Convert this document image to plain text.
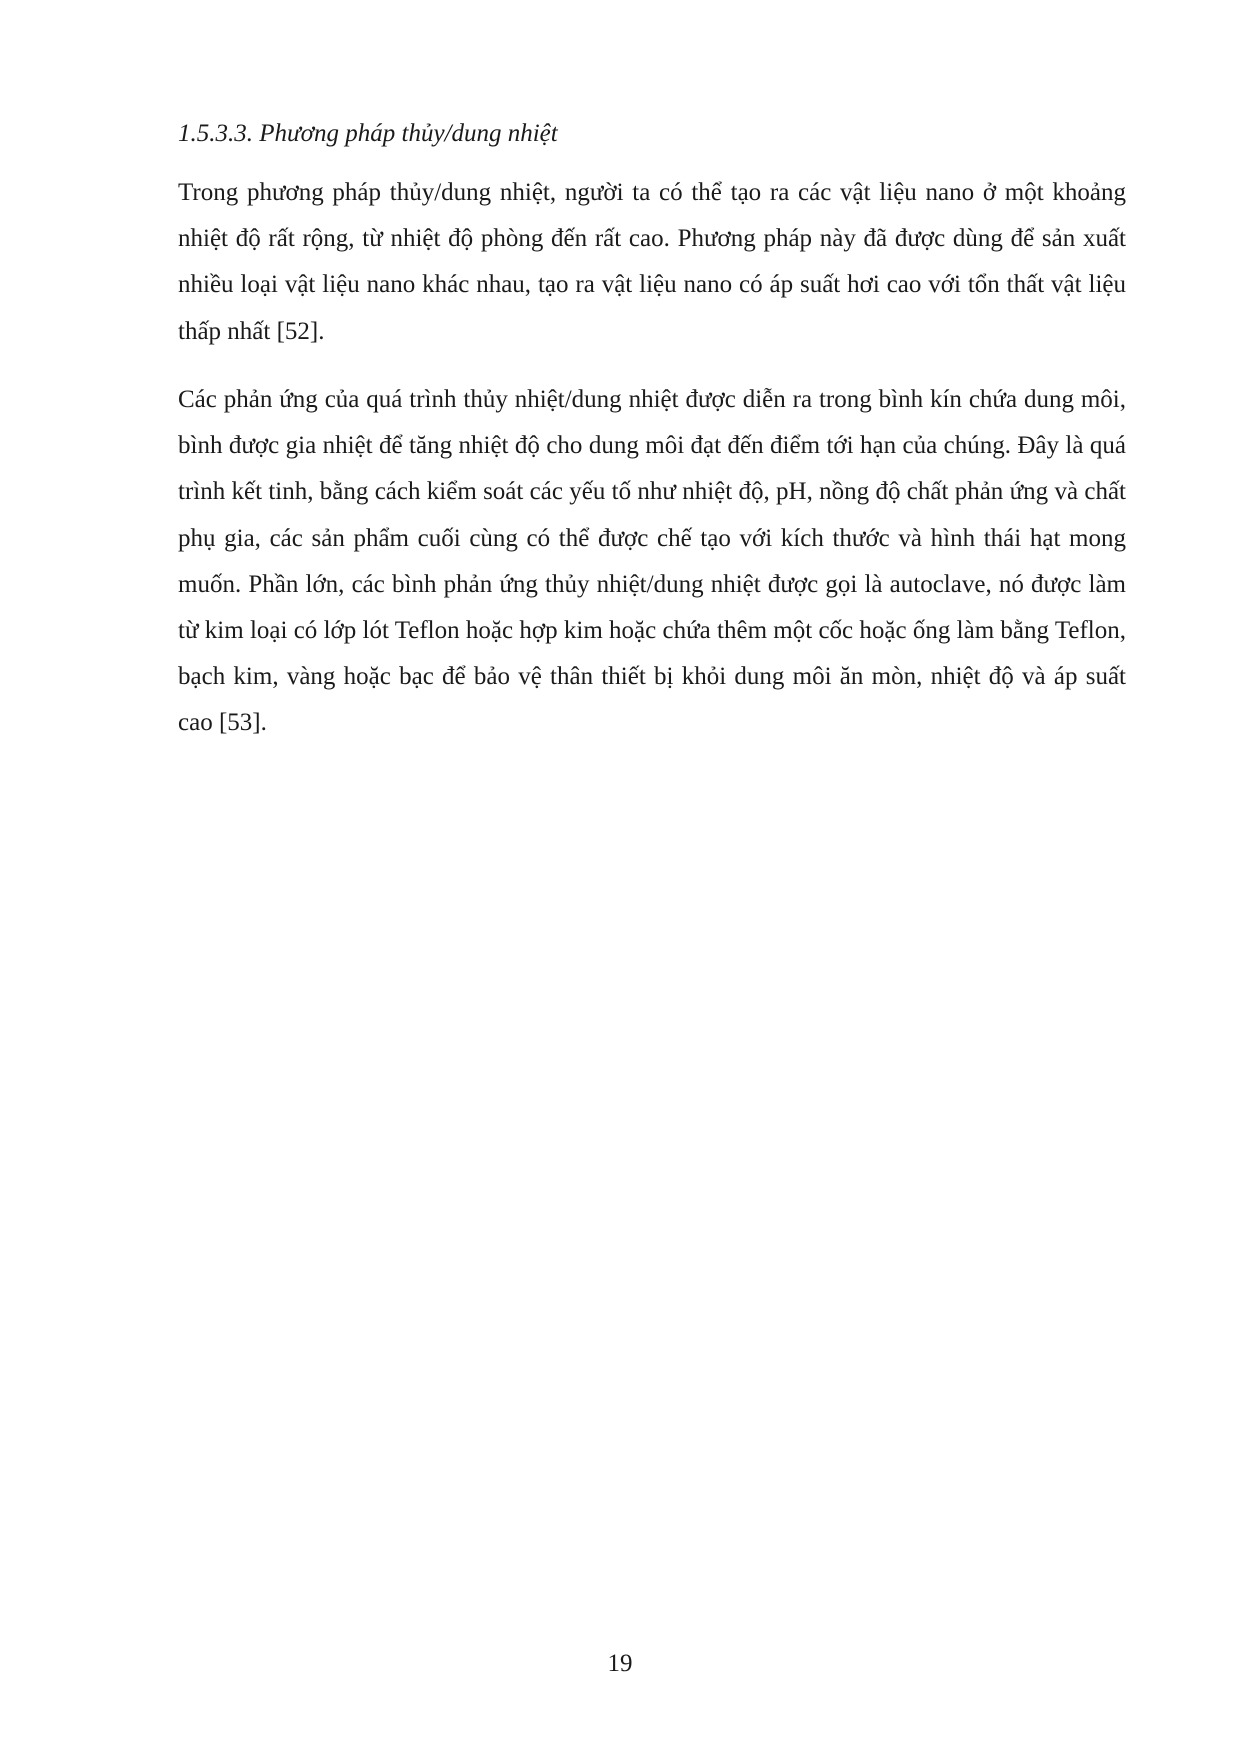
1.5.3.3. Phương pháp thủy/dung nhiệt

Trong phương pháp thủy/dung nhiệt, người ta có thể tạo ra các vật liệu nano ở một khoảng nhiệt độ rất rộng, từ nhiệt độ phòng đến rất cao. Phương pháp này đã được dùng để sản xuất nhiều loại vật liệu nano khác nhau, tạo ra vật liệu nano có áp suất hơi cao với tổn thất vật liệu thấp nhất [52].

Các phản ứng của quá trình thủy nhiệt/dung nhiệt được diễn ra trong bình kín chứa dung môi, bình được gia nhiệt để tăng nhiệt độ cho dung môi đạt đến điểm tới hạn của chúng. Đây là quá trình kết tinh, bằng cách kiểm soát các yếu tố như nhiệt độ, pH, nồng độ chất phản ứng và chất phụ gia, các sản phẩm cuối cùng có thể được chế tạo với kích thước và hình thái hạt mong muốn. Phần lớn, các bình phản ứng thủy nhiệt/dung nhiệt được gọi là autoclave, nó được làm từ kim loại có lớp lót Teflon hoặc hợp kim hoặc chứa thêm một cốc hoặc ống làm bằng Teflon, bạch kim, vàng hoặc bạc để bảo vệ thân thiết bị khỏi dung môi ăn mòn, nhiệt độ và áp suất cao [53].

19
